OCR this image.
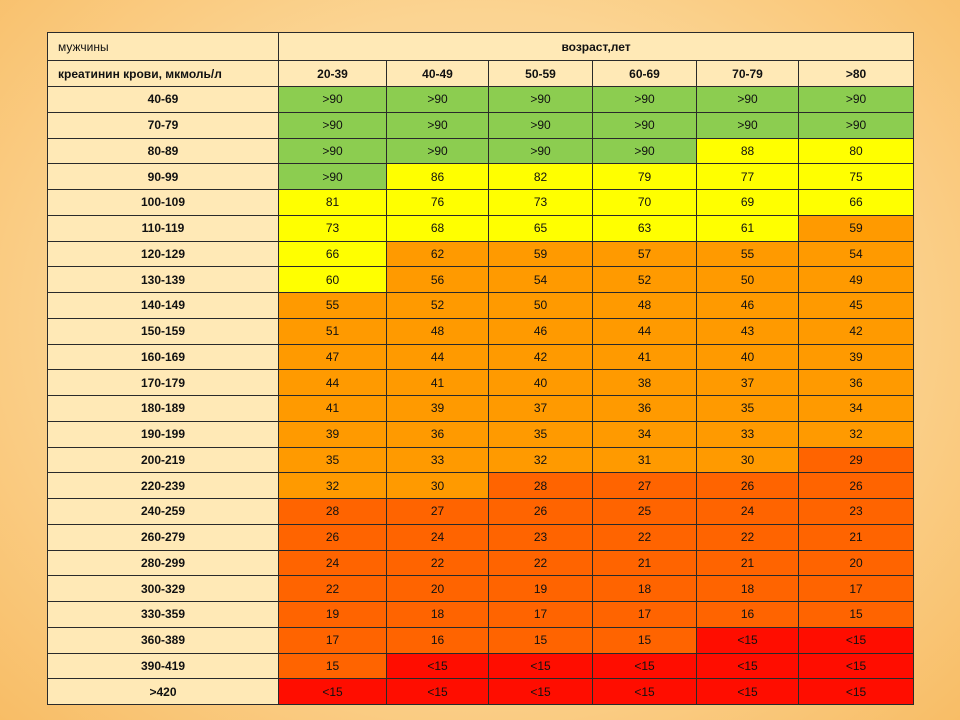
мужчины	возраст,лет					
креатинин крови, мкмоль/л	20-39	40-49	50-59	60-69	70-79	>80
40-69	>90	>90	>90	>90	>90	>90
70-79	>90	>90	>90	>90	>90	>90
80-89	>90	>90	>90	>90	88	80
90-99	>90	86	82	79	77	75
100-109	81	76	73	70	69	66
110-119	73	68	65	63	61	59
120-129	66	62	59	57	55	54
130-139	60	56	54	52	50	49
140-149	55	52	50	48	46	45
150-159	51	48	46	44	43	42
160-169	47	44	42	41	40	39
170-179	44	41	40	38	37	36
180-189	41	39	37	36	35	34
190-199	39	36	35	34	33	32
200-219	35	33	32	31	30	29
220-239	32	30	28	27	26	26
240-259	28	27	26	25	24	23
260-279	26	24	23	22	22	21
280-299	24	22	22	21	21	20
300-329	22	20	19	18	18	17
330-359	19	18	17	17	16	15
360-389	17	16	15	15	<15	<15
390-419	15	<15	<15	<15	<15	<15
>420	<15	<15	<15	<15	<15	<15
